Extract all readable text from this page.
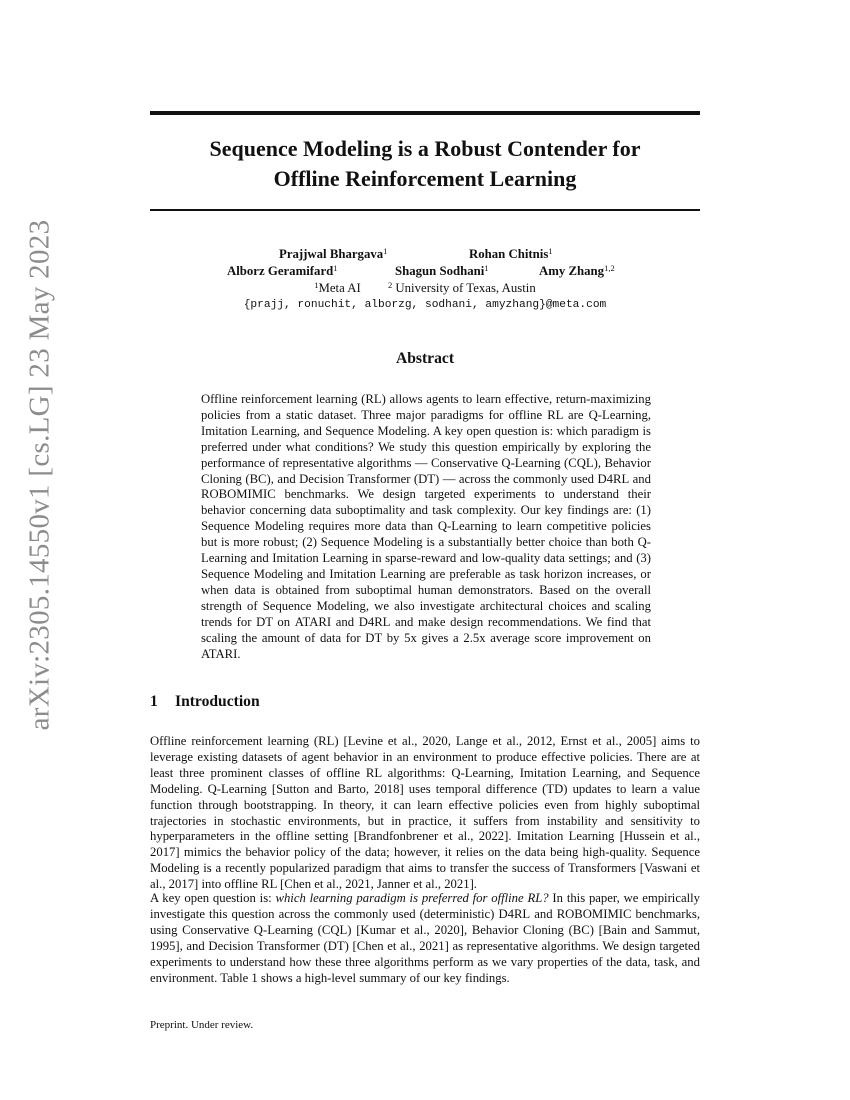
arXiv:2305.14550v1 [cs.LG] 23 May 2023
Sequence Modeling is a Robust Contender for
Offline Reinforcement Learning
Prajjwal Bhargava$^1$	Rohan Chitnis$^1$
Alborz Geramifard$^1$	Shagun Sodhani$^1$	Amy Zhang$^{1,2}$
$^1$Meta AI	$^2$ University of Texas, Austin
{prajj, ronuchit, alborzg, sodhani, amyzhang}@meta.com
Abstract

Offline reinforcement learning (RL) allows agents to learn effective, return-maximizing policies from a static dataset. Three major paradigms for offline RL are Q-Learning, Imitation Learning, and Sequence Modeling. A key open question is: which paradigm is preferred under what conditions? We study this question empirically by exploring the performance of representative algorithms — Conservative Q-Learning (CQL), Behavior Cloning (BC), and Decision Transformer (DT) — across the commonly used D4RL and ROBOMIMIC benchmarks. We design targeted experiments to understand their behavior concerning data suboptimality and task complexity. Our key findings are: (1) Sequence Modeling requires more data than Q-Learning to learn competitive policies but is more robust; (2) Sequence Modeling is a substantially better choice than both Q-Learning and Imitation Learning in sparse-reward and low-quality data settings; and (3) Sequence Modeling and Imitation Learning are preferable as task horizon increases, or when data is obtained from suboptimal human demonstrators. Based on the overall strength of Sequence Modeling, we also investigate architectural choices and scaling trends for DT on ATARI and D4RL and make design recommendations. We find that scaling the amount of data for DT by 5x gives a 2.5x average score improvement on ATARI.

1 Introduction

Offline reinforcement learning (RL) [Levine et al., 2020, Lange et al., 2012, Ernst et al., 2005] aims to leverage existing datasets of agent behavior in an environment to produce effective policies. There are at least three prominent classes of offline RL algorithms: Q-Learning, Imitation Learning, and Sequence Modeling. Q-Learning [Sutton and Barto, 2018] uses temporal difference (TD) updates to learn a value function through bootstrapping. In theory, it can learn effective policies even from highly suboptimal trajectories in stochastic environments, but in practice, it suffers from instability and sensitivity to hyperparameters in the offline setting [Brandfonbrener et al., 2022]. Imitation Learning [Hussein et al., 2017] mimics the behavior policy of the data; however, it relies on the data being high-quality. Sequence Modeling is a recently popularized paradigm that aims to transfer the success of Transformers [Vaswani et al., 2017] into offline RL [Chen et al., 2021, Janner et al., 2021].

A key open question is: which learning paradigm is preferred for offline RL? In this paper, we empirically investigate this question across the commonly used (deterministic) D4RL and ROBOMIMIC benchmarks, using Conservative Q-Learning (CQL) [Kumar et al., 2020], Behavior Cloning (BC) [Bain and Sammut, 1995], and Decision Transformer (DT) [Chen et al., 2021] as representative algorithms. We design targeted experiments to understand how these three algorithms perform as we vary properties of the data, task, and environment. Table 1 shows a high-level summary of our key findings.

Preprint. Under review.
